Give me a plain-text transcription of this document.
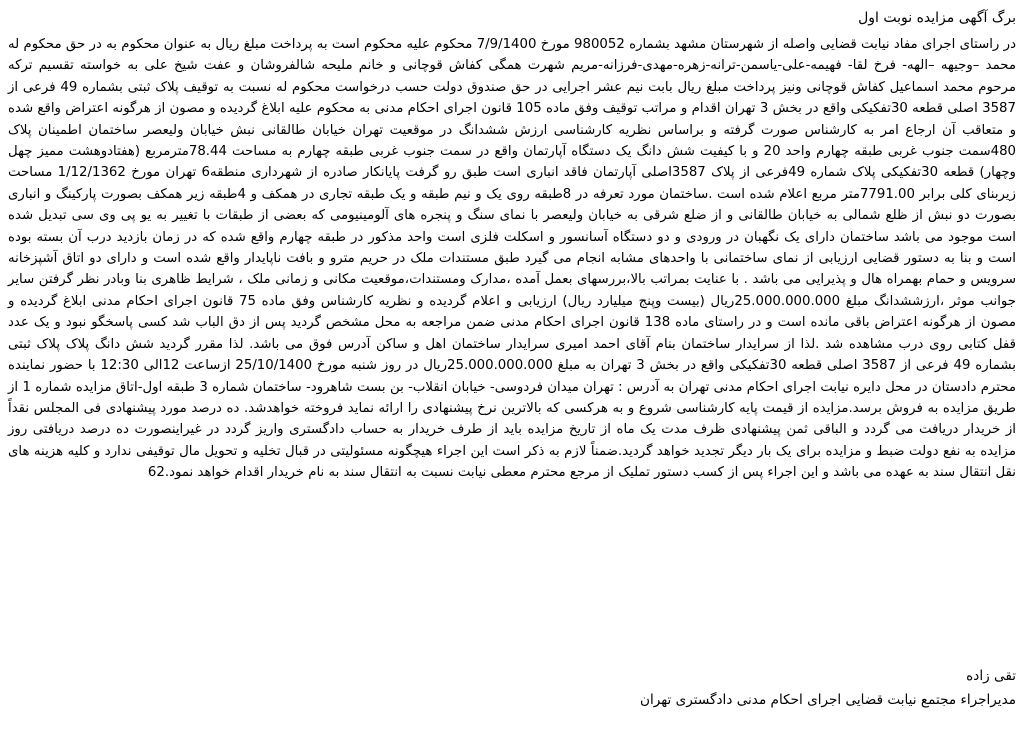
برگ آگهی مزایده نوبت اول

در راستای اجرای مفاد نیابت قضایی واصله از شهرستان مشهد بشماره 980052 مورخ 7/9/1400 محکوم علیه محکوم است به پرداخت مبلغ ریال به عنوان محکوم به در حق محکوم له محمد –وجیهه –الهه- فرخ لقا- فهیمه-علی-یاسمن-ترانه-زهره-مهدی-فرزانه-مریم شهرت همگی کفاش قوچانی و خانم ملیحه شالفروشان و عفت شیخ علی به خواسته تقسیم ترکه مرحوم محمد اسماعیل کفاش قوچانی ونیز پرداخت مبلغ ریال بابت نیم عشر اجرایی در حق صندوق دولت حسب درخواست محکوم له نسبت به توقیف پلاک ثبتی بشماره 49 فرعی از 3587 اصلی قطعه 30تفکیکی واقع در بخش 3 تهران اقدام و مراتب توقیف وفق ماده 105 قانون اجرای احکام مدنی به محکوم علیه ابلاغ گردیده و مصون از هرگونه اعتراض واقع شده و متعاقب آن ارجاع امر به کارشناس صورت گرفته و براساس نظریه کارشناسی ارزش ششدانگ در موقعیت تهران خیابان طالقانی نبش خیابان ولیعصر ساختمان اطمینان پلاک 480سمت جنوب غربی طبقه چهارم واحد 20 و با کیفیت شش دانگ یک دستگاه آپارتمان واقع در سمت جنوب غربی طبقه چهارم به مساحت 78.44مترمربع (هفتادوهشت مميز چهل وچهار) قطعه 30تفکیکی پلاک شماره 49فرعی از پلاک 3587اصلی آپارتمان فاقد انباری است طبق رو گرفت پایانکار صادره از شهرداری منطقه6 تهران مورخ 1/12/1362 مساحت زیربنای کلی برابر 7791.00متر مربع اعلام شده است .ساختمان مورد تعرفه در 8طبقه روی یک و نیم طبقه و یک طبقه تجاری در همکف و 4طبقه زیر همکف بصورت پارکینگ و انباری بصورت دو نبش از ظلع شمالی به خیابان طالقانی و از ضلع شرقی به خیابان ولیعصر با نمای سنگ و پنجره های آلومینیومی که بعضی از طبقات با تغییر به یو پی وی سی تبدیل شده است موجود می باشد ساختمان دارای یک نگهبان در ورودی و دو دستگاه آسانسور و اسکلت فلزی است واحد مذکور در طبقه چهارم واقع شده که در زمان بازدید درب آن بسته بوده است و بنا به دستور قضایی ارزیابی از نمای ساختمانی با واحدهای مشابه انجام می گیرد طبق مستندات ملک در حریم مترو و بافت ناپایدار واقع شده است و دارای دو اتاق آشپزخانه سرویس و حمام بهمراه هال و پذیرایی می باشد . با عنایت بمراتب بالا،بررسهای بعمل آمده ،مدارک ومستندات،موقعیت مکانی و زمانی ملک ، شرایط ظاهری بنا وبادر نظر گرفتن سایر جوانب موثر ،ارزششدانگ مبلغ 25.000.000.000ریال (بیست وپنج میلیارد ریال) ارزیابی و اعلام گردیده و نظریه کارشناس وفق ماده 75 قانون اجرای احکام مدنی ابلاغ گردیده و مصون از هرگونه اعتراض باقی مانده است و در راستای ماده 138 قانون اجرای احکام مدنی ضمن مراجعه به محل مشخص گردید پس از دق الباب شد کسی پاسخگو نبود و یک عدد قفل کتابی روی درب مشاهده شد .لذا از سرایدار ساختمان بنام آقای احمد امیری سرایدار ساختمان اهل و ساکن آدرس فوق می باشد. لذا مقرر گردید شش دانگ پلاک پلاک ثبتی بشماره 49 فرعی از 3587 اصلی قطعه 30تفکیکی واقع در بخش 3 تهران به مبلغ 25.000.000.000ریال در روز شنبه مورخ 25/10/1400 ازساعت 12الی 12:30 با حضور نماینده محترم دادستان در محل دایره نیابت اجرای احکام مدنی تهران به آدرس : تهران میدان فردوسی- خیابان انقلاب- بن بست شاهرود- ساختمان شماره 3 طبقه اول-اتاق مزایده شماره 1 از طریق مزایده به فروش برسد.مزایده از قیمت پایه کارشناسی شروع و به هرکسی که بالاترین نرخ پیشنهادی را ارائه نماید فروخته خواهدشد. ده درصد مورد پیشنهادی فی المجلس نقداً از خریدار دریافت می گردد و الباقی ثمن پیشنهادی ظرف مدت یک ماه از تاریخ مزایده باید از طرف خریدار به حساب دادگستری واریز گردد در غیراینصورت ده درصد دریافتی روز مزایده به نفع دولت ضبط و مزایده برای یک بار دیگر تجدید خواهد گردید.ضمناً لازم به ذکر است این اجراء هیچگونه مسئولیتی در قبال تخلیه و تحویل مال توقیفی ندارد و کلیه هزینه های نقل انتقال سند به عهده می باشد و این اجراء پس از کسب دستور تملیک از مرجع محترم معطی نیابت نسبت به انتقال سند به نام خریدار اقدام خواهد نمود.62

تقی زاده
مدیراجراء مجتمع نیابت قضایی اجرای احکام مدنی دادگستری تهران
